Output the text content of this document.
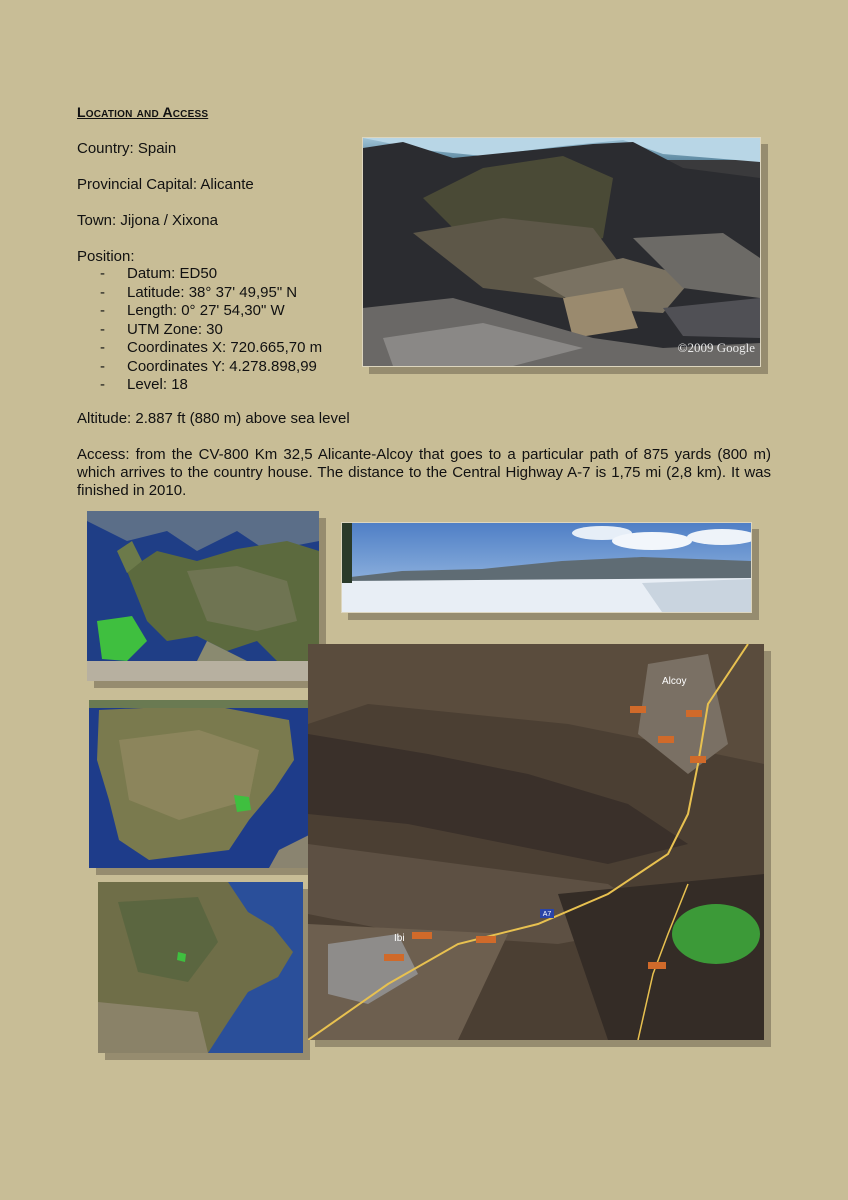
Location and Access
Country: Spain
Provincial Capital: Alicante
Town: Jijona / Xixona
Position:
- Datum: ED50
- Latitude: 38° 37' 49,95" N
- Length: 0° 27' 54,30" W
- UTM Zone: 30
- Coordinates X: 720.665,70 m
- Coordinates Y: 4.278.898,99
- Level: 18
Altitude: 2.887 ft (880 m) above sea level
Access: from the CV-800 Km 32,5 Alicante-Alcoy that goes to a particular path of 875 yards (800 m) which arrives to the country house. The distance to the Central Highway A-7 is 1,75 mi (2,8 km). It was finished in 2010.
©2009 Google
Alcoy
Ibi
A7
